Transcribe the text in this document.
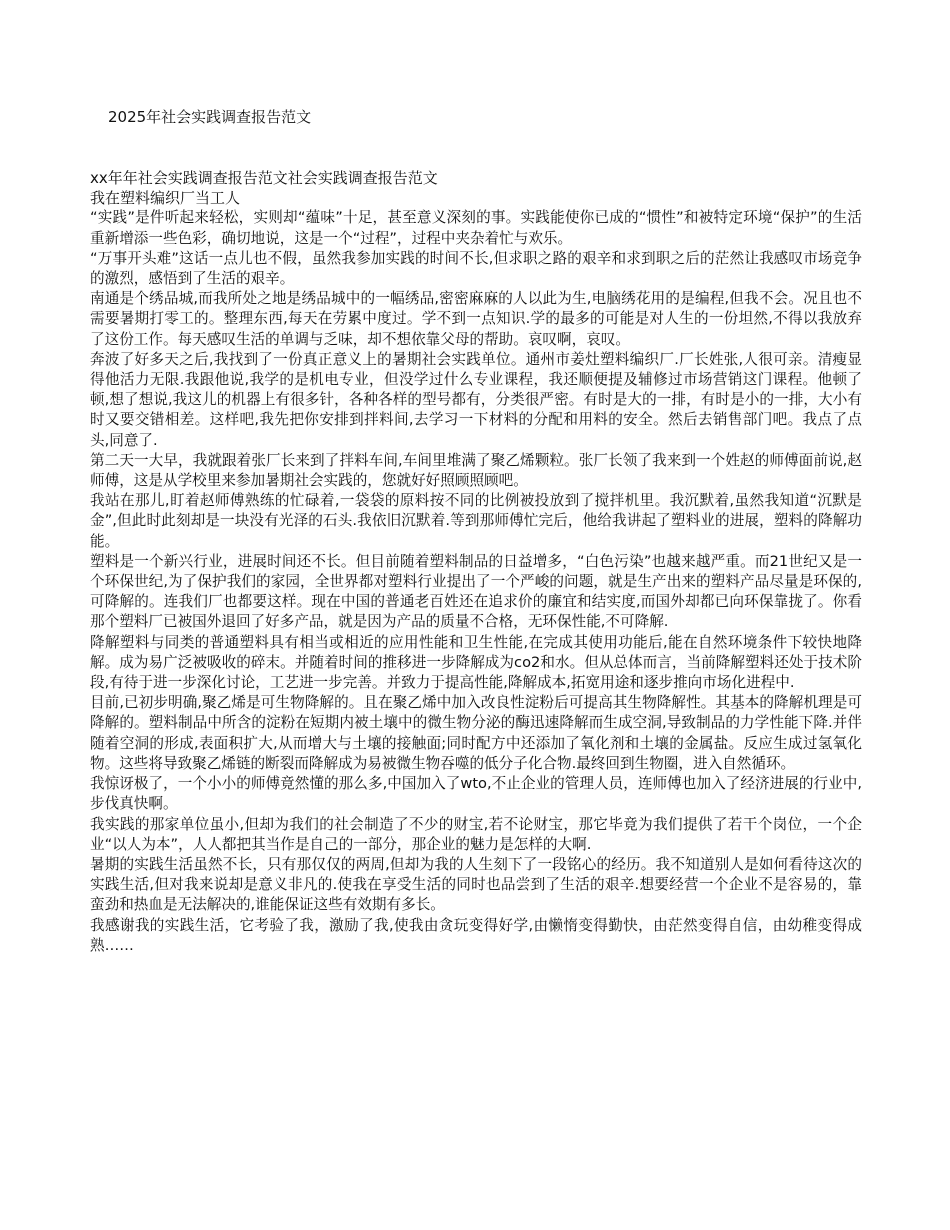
2025年社会实践调查报告范文

xx年年社会实践调查报告范文社会实践调查报告范文

我在塑料编织厂当工人

“实践”是件听起来轻松，实则却“蕴味”十足，甚至意义深刻的事。实践能使你已成的“惯性”和被特定环境“保护”的生活重新增添一些色彩，确切地说，这是一个“过程”，过程中夹杂着忙与欢乐。

“万事开头难”这话一点儿也不假，虽然我参加实践的时间不长,但求职之路的艰辛和求到职之后的茫然让我感叹市场竞争的激烈，感悟到了生活的艰辛。

南通是个绣品城,而我所处之地是绣品城中的一幅绣品,密密麻麻的人以此为生,电脑绣花用的是编程,但我不会。况且也不需要暑期打零工的。整理东西,每天在劳累中度过。学不到一点知识.学的最多的可能是对人生的一份坦然,不得以我放弃了这份工作。每天感叹生活的单调与乏味，却不想依靠父母的帮助。哀叹啊，哀叹。

奔波了好多天之后,我找到了一份真正意义上的暑期社会实践单位。通州市姜灶塑料编织厂.厂长姓张,人很可亲。清瘦显得他活力无限.我跟他说,我学的是机电专业，但没学过什么专业课程，我还顺便提及辅修过市场营销这门课程。他顿了顿,想了想说,我这儿的机器上有很多针，各种各样的型号都有，分类很严密。有时是大的一排，有时是小的一排，大小有时又要交错相差。这样吧,我先把你安排到拌料间,去学习一下材料的分配和用料的安全。然后去销售部门吧。我点了点头,同意了.

第二天一大早，我就跟着张厂长来到了拌料车间,车间里堆满了聚乙烯颗粒。张厂长领了我来到一个姓赵的师傅面前说,赵师傅，这是从学校里来参加暑期社会实践的，您就好好照顾照顾吧。

我站在那儿,盯着赵师傅熟练的忙碌着,一袋袋的原料按不同的比例被投放到了搅拌机里。我沉默着,虽然我知道“沉默是金”,但此时此刻却是一块没有光泽的石头.我依旧沉默着.等到那师傅忙完后，他给我讲起了塑料业的进展，塑料的降解功能。

塑料是一个新兴行业，进展时间还不长。但目前随着塑料制品的日益增多，“白色污染”也越来越严重。而21世纪又是一个环保世纪,为了保护我们的家园，全世界都对塑料行业提出了一个严峻的问题，就是生产出来的塑料产品尽量是环保的,可降解的。连我们厂也都要这样。现在中国的普通老百姓还在追求价的廉宜和结实度,而国外却都已向环保靠拢了。你看那个塑料厂已被国外退回了好多产品，就是因为产品的质量不合格，无环保性能,不可降解.

降解塑料与同类的普通塑料具有相当或相近的应用性能和卫生性能,在完成其使用功能后,能在自然环境条件下较快地降解。成为易广泛被吸收的碎末。并随着时间的推移进一步降解成为co2和水。但从总体而言，当前降解塑料还处于技术阶段,有待于进一步深化讨论，工艺进一步完善。并致力于提高性能,降解成本,拓宽用途和逐步推向市场化进程中.

目前,已初步明确,聚乙烯是可生物降解的。且在聚乙烯中加入改良性淀粉后可提高其生物降解性。其基本的降解机理是可降解的。塑料制品中所含的淀粉在短期内被土壤中的微生物分泌的酶迅速降解而生成空洞,导致制品的力学性能下降.并伴随着空洞的形成,表面积扩大,从而增大与土壤的接触面;同时配方中还添加了氧化剂和土壤的金属盐。反应生成过氢氧化物。这些将导致聚乙烯链的断裂而降解成为易被微生物吞噬的低分子化合物.最终回到生物圈，进入自然循环。

我惊讶极了，一个小小的师傅竟然懂的那么多,中国加入了wto,不止企业的管理人员，连师傅也加入了经济进展的行业中,步伐真快啊。

我实践的那家单位虽小,但却为我们的社会制造了不少的财宝,若不论财宝，那它毕竟为我们提供了若干个岗位，一个企业“以人为本”，人人都把其当作是自己的一部分，那企业的魅力是怎样的大啊.

暑期的实践生活虽然不长，只有那仅仅的两周,但却为我的人生刻下了一段铭心的经历。我不知道别人是如何看待这次的实践生活,但对我来说却是意义非凡的.使我在享受生活的同时也品尝到了生活的艰辛.想要经营一个企业不是容易的，靠蛮劲和热血是无法解决的,谁能保证这些有效期有多长。

我感谢我的实践生活，它考验了我，激励了我,使我由贪玩变得好学,由懒惰变得勤快，由茫然变得自信，由幼稚变得成熟……
